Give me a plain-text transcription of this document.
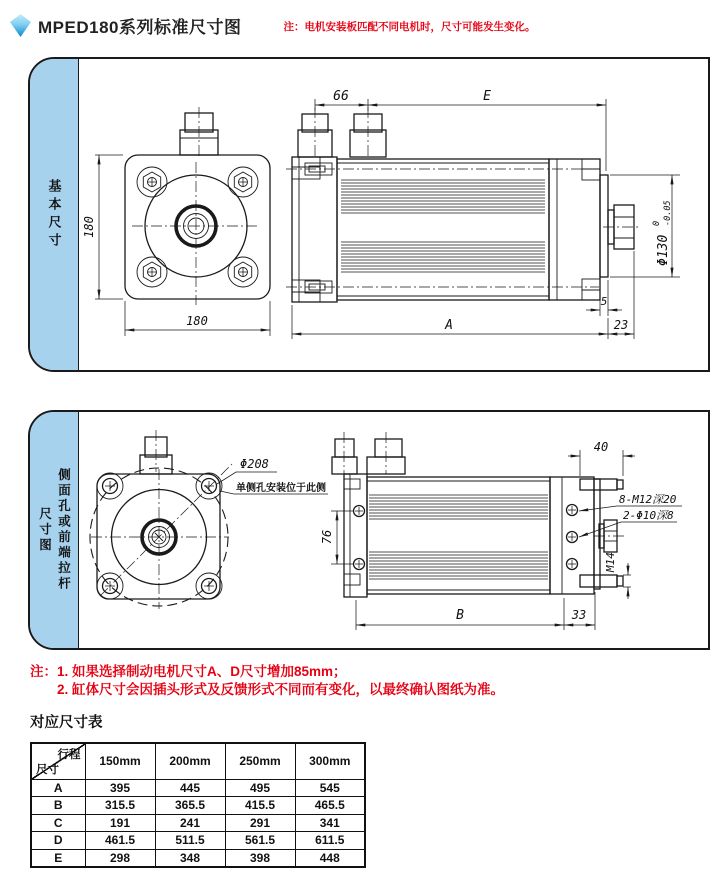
MPED180系列标准尺寸图	注：电机安装板匹配不同电机时，尺寸可能发生变化。
基本尺寸 180
180
66	E
Φ130
0 -0.05
5
A	23
尺寸图 侧面孔或前端拉杆
Φ208
单侧孔安装位于此侧
76
40
8-M12深20
2-Φ10深8
M14
B	33
注：1. 如果选择制动电机尺寸A、D尺寸增加85mm；
2. 缸体尺寸会因插头形式及反馈形式不同而有变化，以最终确认图纸为准。
对应尺寸表
行程
尺寸	150mm	200mm	250mm	300mm
A	395	445	495	545
B	315.5	365.5	415.5	465.5
C	191	241	291	341
D	461.5	511.5	561.5	611.5
E	298	348	398	448
